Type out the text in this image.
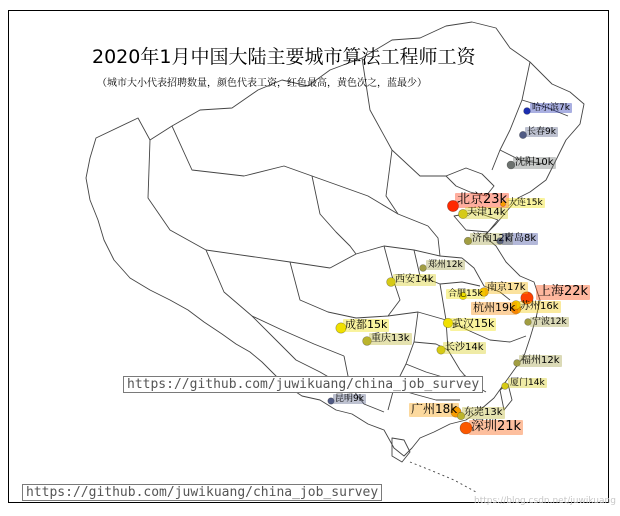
2020年1月中国大陆主要城市算法工程师工资
（城市大小代表招聘数量，颜色代表工资，红色最高，黄色次之，蓝最少）
哈尔滨7k
长春9k
沈阳10k
北京23k 大连15k
天津14k
济南12k
青岛8k
郑州12k
西安14k
南京17k 上海22k
合肥15k
杭州19k 苏州16k
宁波12k
武汉15k
成都15k
重庆13k
长沙14k
福州12k
厦门14k
昆明9k
广州18k 东莞13k
深圳21k
https://github.com/juwikuang/china_job_survey
https://github.com/juwikuang/china_job_survey
https://blog.csdn.net/juwikuang
